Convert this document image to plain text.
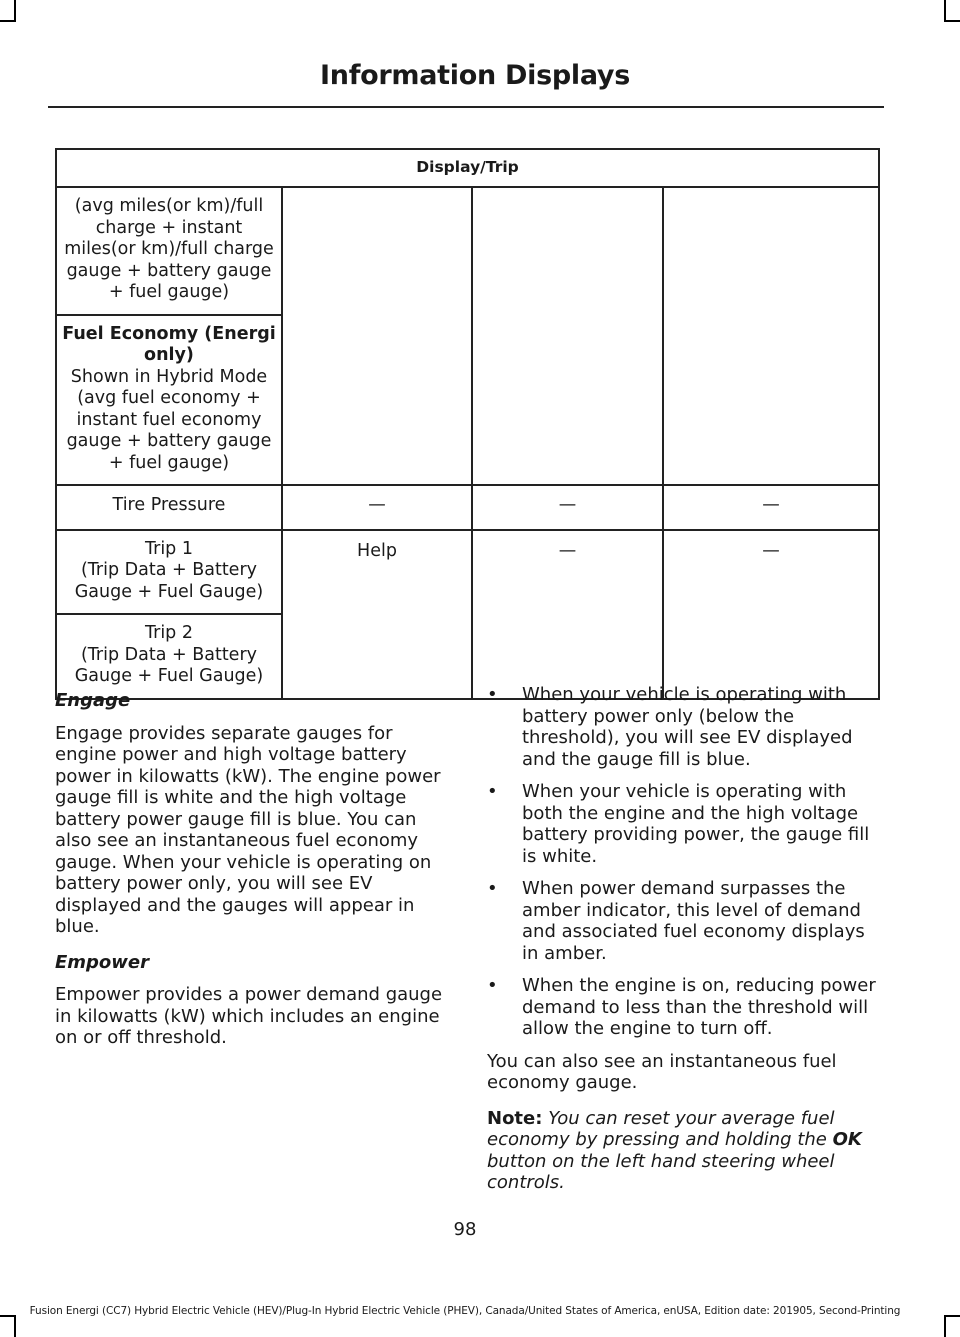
Information Displays
Display/Trip			
(avg miles(or km)/full charge + instant miles(or km)/full charge gauge + battery gauge + fuel gauge)			

Fuel Economy (Energi only)
Shown in Hybrid Mode (avg fuel economy + instant fuel economy gauge + battery gauge + fuel gauge)			

Tire Pressure	—	—	—

Trip 1
(Trip Data + Battery Gauge + Fuel Gauge)	Help	—	—

Trip 2
(Trip Data + Battery Gauge + Fuel Gauge)			

Engage

Engage provides separate gauges for engine power and high voltage battery power in kilowatts (kW). The engine power gauge fill is white and the high voltage battery power gauge fill is blue. You can also see an instantaneous fuel economy gauge. When your vehicle is operating on battery power only, you will see EV displayed and the gauges will appear in blue.

Empower

Empower provides a power demand gauge in kilowatts (kW) which includes an engine on or off threshold.

• When your vehicle is operating with battery power only (below the threshold), you will see EV displayed and the gauge fill is blue.
• When your vehicle is operating with both the engine and the high voltage battery providing power, the gauge fill is white.
• When power demand surpasses the amber indicator, this level of demand and associated fuel economy displays in amber.
• When the engine is on, reducing power demand to less than the threshold will allow the engine to turn off.

You can also see an instantaneous fuel economy gauge.

Note: You can reset your average fuel economy by pressing and holding the OK button on the left hand steering wheel controls.

98
Fusion Energi (CC7) Hybrid Electric Vehicle (HEV)/Plug-In Hybrid Electric Vehicle (PHEV), Canada/United States of America, enUSA, Edition date: 201905, Second-Printing
